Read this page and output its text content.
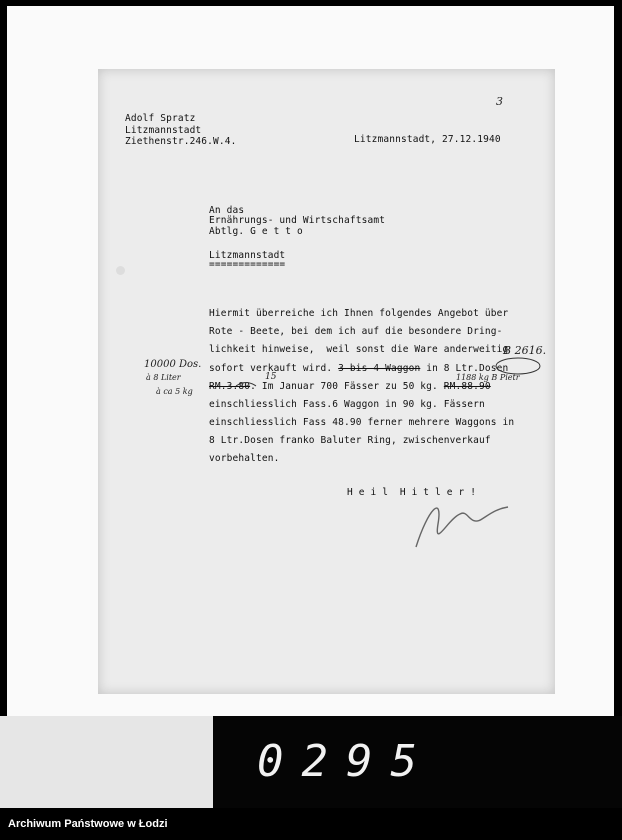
3
Adolf Spratz
Litzmannstadt
Ziethenstr.246.W.4.	Litzmannstadt, 27.12.1940
An das
Ernährungs- und Wirtschaftsamt
Abtlg. G e t t o
Litzmannstadt
=============
Hiermit überreiche ich Ihnen folgendes Angebot über
Rote - Beete, bei dem ich auf die besondere Dring-
lichkeit hinweise,  weil sonst die Ware anderweitig
sofort verkauft wird. 3 bis 4 Waggon in 8 Ltr.Dosen
RM.3.80. Im Januar 700 Fässer zu 50 kg. RM.88.90
einschliesslich Fass.6 Waggon in 90 kg. Fässern
einschliesslich Fass 48.90 ferner mehrere Waggons in
8 Ltr.Dosen franko Baluter Ring, zwischenverkauf
vorbehalten.
H e i l  H i t l e r !
B 2616.
10000 Dos.
à 8 Liter
à ca 5 kg
15	1188 kg B Pietr
0295
Archiwum Państwowe w Łodzi
